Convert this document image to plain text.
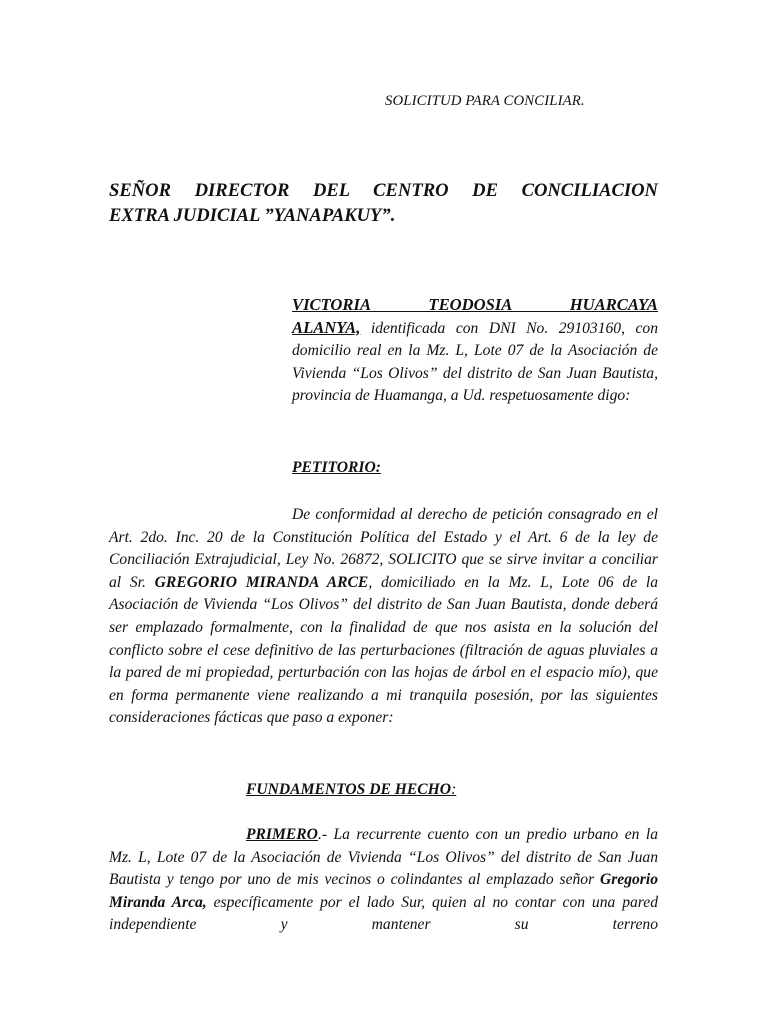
SOLICITUD PARA CONCILIAR.
SEÑOR DIRECTOR DEL CENTRO DE CONCILIACION
EXTRA JUDICIAL ”YANAPAKUY”.
VICTORIA TEODOSIA HUARCAYA
ALANYA, identificada con DNI No. 29103160, con domicilio real en la Mz. L, Lote 07 de la Asociación de Vivienda “Los Olivos” del distrito de San Juan Bautista, provincia de Huamanga, a Ud. respetuosamente digo:
PETITORIO:
De conformidad al derecho de petición consagrado en el Art. 2do. Inc. 20 de la Constitución Política del Estado y el Art. 6 de la ley de Conciliación Extrajudicial, Ley No. 26872, SOLICITO que se sirve invitar a conciliar al Sr. GREGORIO MIRANDA ARCE, domiciliado en la Mz. L, Lote 06 de la Asociación de Vivienda “Los Olivos” del distrito de San Juan Bautista, donde deberá ser emplazado formalmente, con la finalidad de que nos asista en la solución del conflicto sobre el cese definitivo de las perturbaciones (filtración de aguas pluviales a la pared de mi propiedad, perturbación con las hojas de árbol en el espacio mío), que en forma permanente viene realizando a mi tranquila posesión, por las siguientes consideraciones fácticas que paso a exponer:
FUNDAMENTOS DE HECHO:
PRIMERO.- La recurrente cuento con un predio urbano en la Mz. L, Lote 07 de la Asociación de Vivienda “Los Olivos” del distrito de San Juan Bautista y tengo por uno de mis vecinos o colindantes al emplazado señor Gregorio Miranda Arca, específicamente por el lado Sur, quien al no contar con una pared independiente y mantener su terreno
